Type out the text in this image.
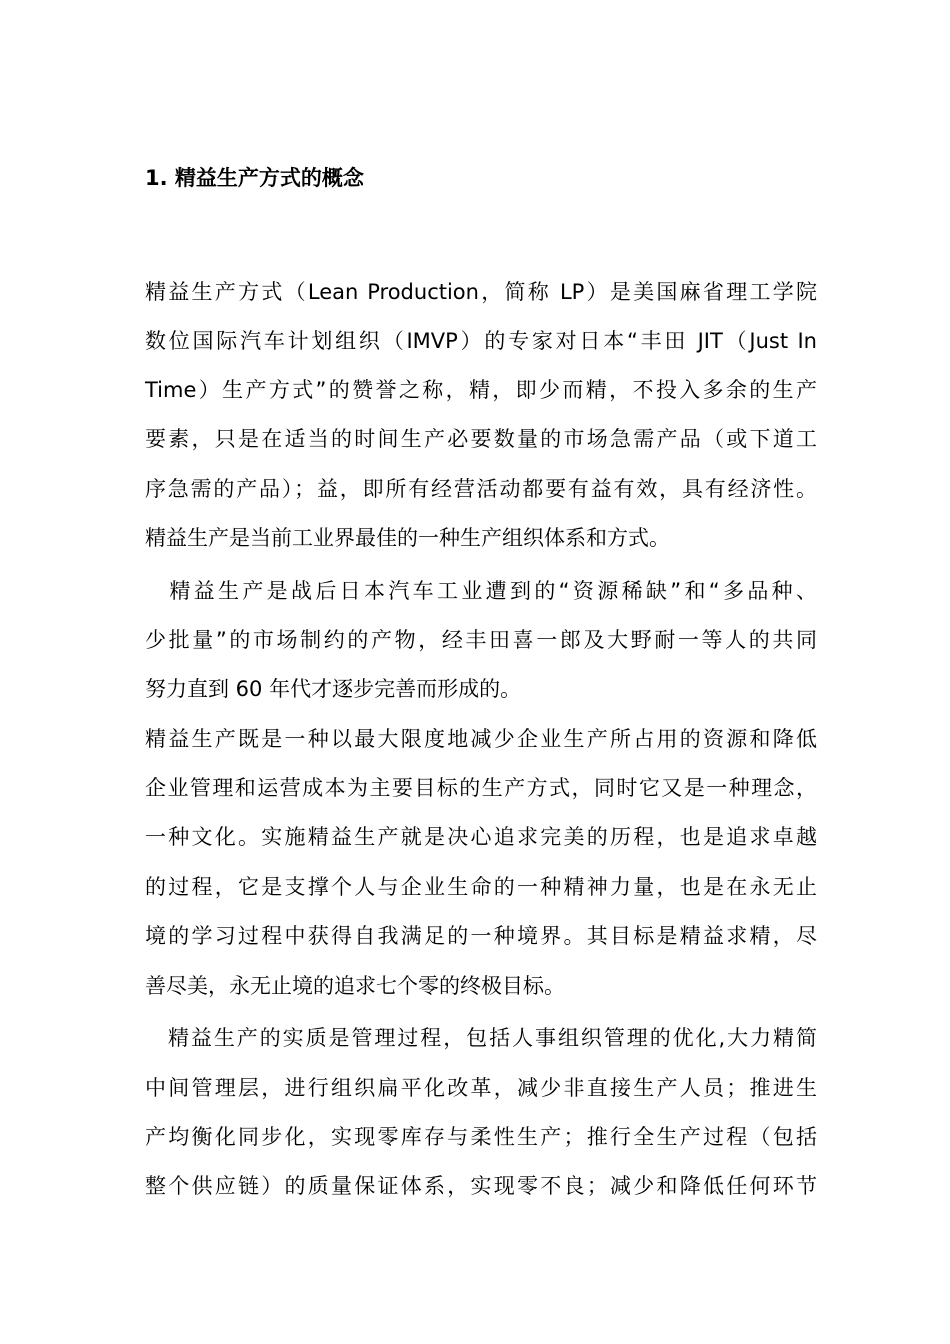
1. 精益生产方式的概念
精益生产方式（Lean Production，简称 LP）是美国麻省理工学院
数位国际汽车计划组织（IMVP）的专家对日本“丰田 JIT（Just In
Time）生产方式”的赞誉之称，精，即少而精，不投入多余的生产
要素，只是在适当的时间生产必要数量的市场急需产品（或下道工
序急需的产品）；益，即所有经营活动都要有益有效，具有经济性。
精益生产是当前工业界最佳的一种生产组织体系和方式。
　精益生产是战后日本汽车工业遭到的“资源稀缺”和“多品种、
少批量”的市场制约的产物，经丰田喜一郎及大野耐一等人的共同
努力直到 60 年代才逐步完善而形成的。
精益生产既是一种以最大限度地减少企业生产所占用的资源和降低
企业管理和运营成本为主要目标的生产方式，同时它又是一种理念，
一种文化。实施精益生产就是决心追求完美的历程，也是追求卓越
的过程，它是支撑个人与企业生命的一种精神力量，也是在永无止
境的学习过程中获得自我满足的一种境界。其目标是精益求精，尽
善尽美，永无止境的追求七个零的终极目标。
　精益生产的实质是管理过程，包括人事组织管理的优化,大力精简
中间管理层，进行组织扁平化改革，减少非直接生产人员；推进生
产均衡化同步化，实现零库存与柔性生产；推行全生产过程（包括
整个供应链）的质量保证体系，实现零不良；减少和降低任何环节
